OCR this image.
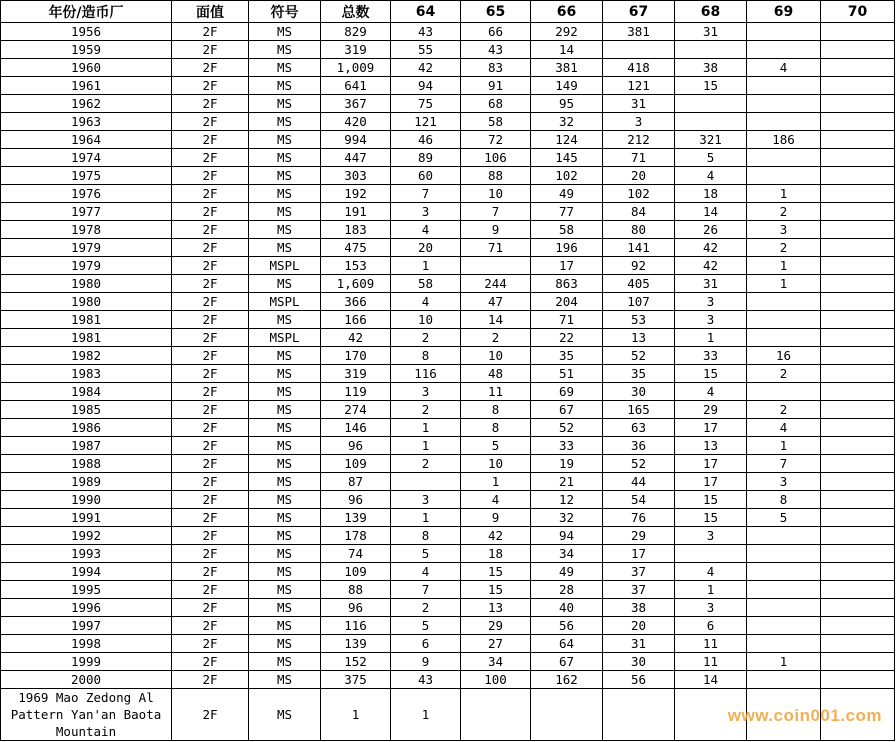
年份/造币厂	面值	符号	总数	64	65	66	67	68	69	70
1956	2F	MS	829	43	66	292	381	31		
1959	2F	MS	319	55	43	14				
1960	2F	MS	1,009	42	83	381	418	38	4	
1961	2F	MS	641	94	91	149	121	15		
1962	2F	MS	367	75	68	95	31			
1963	2F	MS	420	121	58	32	3			
1964	2F	MS	994	46	72	124	212	321	186	
1974	2F	MS	447	89	106	145	71	5		
1975	2F	MS	303	60	88	102	20	4		
1976	2F	MS	192	7	10	49	102	18	1	
1977	2F	MS	191	3	7	77	84	14	2	
1978	2F	MS	183	4	9	58	80	26	3	
1979	2F	MS	475	20	71	196	141	42	2	
1979	2F	MSPL	153	1		17	92	42	1	
1980	2F	MS	1,609	58	244	863	405	31	1	
1980	2F	MSPL	366	4	47	204	107	3		
1981	2F	MS	166	10	14	71	53	3		
1981	2F	MSPL	42	2	2	22	13	1		
1982	2F	MS	170	8	10	35	52	33	16	
1983	2F	MS	319	116	48	51	35	15	2	
1984	2F	MS	119	3	11	69	30	4		
1985	2F	MS	274	2	8	67	165	29	2	
1986	2F	MS	146	1	8	52	63	17	4	
1987	2F	MS	96	1	5	33	36	13	1	
1988	2F	MS	109	2	10	19	52	17	7	
1989	2F	MS	87		1	21	44	17	3	
1990	2F	MS	96	3	4	12	54	15	8	
1991	2F	MS	139	1	9	32	76	15	5	
1992	2F	MS	178	8	42	94	29	3		
1993	2F	MS	74	5	18	34	17			
1994	2F	MS	109	4	15	49	37	4		
1995	2F	MS	88	7	15	28	37	1		
1996	2F	MS	96	2	13	40	38	3		
1997	2F	MS	116	5	29	56	20	6		
1998	2F	MS	139	6	27	64	31	11		
1999	2F	MS	152	9	34	67	30	11	1	
2000	2F	MS	375	43	100	162	56	14		
1969 Mao Zedong Al Pattern Yan'an Baota Mountain	2F	MS	1	1							www.coin001.com
